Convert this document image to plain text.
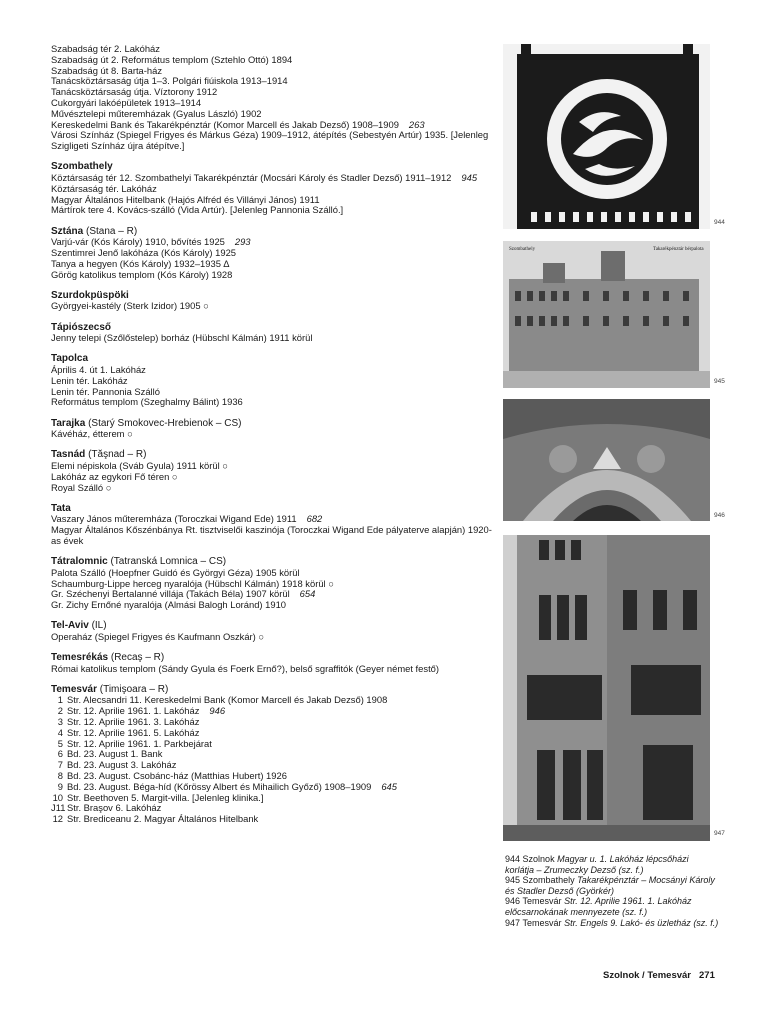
Szabadság tér 2. Lakóház
Szabadság út 2. Református templom (Sztehlo Ottó) 1894
Szabadság út 8. Barta-ház
Tanácsköztársaság útja 1–3. Polgári fiúiskola 1913–1914
Tanácsköztársaság útja. Víztorony 1912
Cukorgyári lakóépületek 1913–1914
Művésztelepi műteremházak (Gyalus László) 1902
Kereskedelmi Bank és Takarékpénztár (Komor Marcell és Jakab Dezső) 1908–1909 263
Városi Színház (Spiegel Frigyes és Márkus Géza) 1909–1912, átépítés (Sebestyén Artúr) 1935. [Jelenleg Szigligeti Színház újra átépítve.]
Szombathely
Köztársaság tér 12. Szombathelyi Takarékpénztár (Mocsári Károly és Stadler Dezső) 1911–1912 945
Köztársaság tér. Lakóház
Magyar Általános Hitelbank (Hajós Alfréd és Villányi János) 1911
Mártírok tere 4. Kovács-szálló (Vida Artúr). [Jelenleg Pannonia Szálló.]
Sztána (Stana – R)
Varjú-vár (Kós Károly) 1910, bővítés 1925 293
Szentimrei Jenő lakóháza (Kós Károly) 1925
Tanya a hegyen (Kós Károly) 1932–1935 ∆
Görög katolikus templom (Kós Károly) 1928
Szurdokpüspöki
Györgyei-kastély (Sterk Izidor) 1905 ○
Tápiószecső
Jenny telepi (Szőlőstelep) borház (Hübschl Kálmán) 1911 körül
Tapolca
Április 4. út 1. Lakóház
Lenin tér. Lakóház
Lenin tér. Pannonia Szálló
Református templom (Szeghalmy Bálint) 1936
Tarajka (Starý Smokovec-Hrebienok – CS)
Kávéház, étterem ○
Tasnád (Tăşnad – R)
Elemi népiskola (Sváb Gyula) 1911 körül ○
Lakóház az egykori Fő téren ○
Royal Szálló ○
Tata
Vaszary János műteremháza (Toroczkai Wigand Ede) 1911 682
Magyar Általános Kőszénbánya Rt. tisztviselői kaszinója (Toroczkai Wigand Ede pályaterve alapján) 1920-as évek
Tátralomnic (Tatranská Lomnica – CS)
Palota Szálló (Hoepfner Guidó és Györgyi Géza) 1905 körül
Schaumburg-Lippe herceg nyaralója (Hübschl Kálmán) 1918 körül ○
Gr. Széchenyi Bertalanné villája (Takách Béla) 1907 körül 654
Gr. Zichy Ernőné nyaralója (Almási Balogh Loránd) 1910
Tel-Aviv (IL)
Operaház (Spiegel Frigyes és Kaufmann Oszkár) ○
Temesrékás (Recaş – R)
Római katolikus templom (Sándy Gyula és Foerk Ernő?), belső sgraffitók (Geyer német festő)
Temesvár (Timişoara – R)
1 Str. Alecsandri 11. Kereskedelmi Bank (Komor Marcell és Jakab Dezső) 1908
2 Str. 12. Aprilie 1961. 1. Lakóház 946
3 Str. 12. Aprilie 1961. 3. Lakóház
4 Str. 12. Aprilie 1961. 5. Lakóház
5 Str. 12. Aprilie 1961. 1. Parkbejárat
6 Bd. 23. August 1. Bank
7 Bd. 23. August 3. Lakóház
8 Bd. 23. August. Csobánc-ház (Matthias Hubert) 1926
9 Bd. 23. August. Béga-híd (Kőrössy Albert és Mihailich Győző) 1908–1909 645
10 Str. Beethoven 5. Margit-villa. [Jelenleg klinika.]
J11 Str. Braşov 6. Lakóház
12 Str. Brediceanu 2. Magyar Általános Hitelbank
944
Szombathely	Takarékpénztár bérpalota
945
946
947
944 Szolnok Magyar u. 1. Lakóház lépcsőházi korlátja – Zrumeczky Dezső (sz. f.)
945 Szombathely Takarékpénztár – Mocsányi Károly és Stadler Dezső (Györkér)
946 Temesvár Str. 12. Aprilie 1961. 1. Lakóház előcsarnokának mennyezete (sz. f.)
947 Temesvár Str. Engels 9. Lakó- és üzletház (sz. f.)
Szolnok / Temesvár 271
